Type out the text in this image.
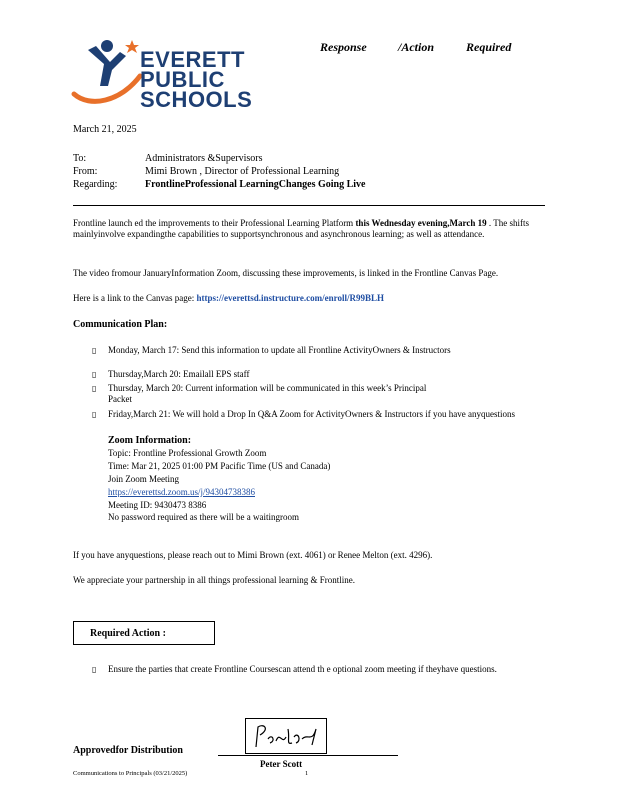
EVERETT
PUBLIC
SCHOOLS
Response	/Action	Required
March 21, 2025
To:	Administrators &Supervisors
From:	Mimi Brown , Director of Professional Learning
Regarding:	FrontlineProfessional LearningChanges Going Live
Frontline launch ed the improvements to their Professional Learning Platform this Wednesday evening,March 19 . The shifts mainlyinvolve expandingthe capabilities to supportsynchronous and asynchronous learning; as well as attendance.
The video fromour JanuaryInformation Zoom, discussing these improvements, is linked in the Frontline Canvas Page.
Here is a link to the Canvas page: https://everettsd.instructure.com/enroll/R99BLH
Communication Plan:
▯ Monday, March 17: Send this information to update all Frontline ActivityOwners & Instructors
▯ Thursday,March 20: Emailall EPS staff
▯ Thursday, March 20: Current information will be communicated in this week’s Principal Packet
▯ Friday,March 21: We will hold a Drop In Q&A Zoom for ActivityOwners & Instructors if you have anyquestions
Zoom Information:
Topic: Frontline Professional Growth Zoom
Time: Mar 21, 2025 01:00 PM Pacific Time (US and Canada)
Join Zoom Meeting
https://everettsd.zoom.us/j/94304738386
Meeting ID: 9430473 8386
No password required as there will be a waitingroom
If you have anyquestions, please reach out to Mimi Brown (ext. 4061) or Renee Melton (ext. 4296).
We appreciate your partnership in all things professional learning & Frontline.
Required Action :
▯ Ensure the parties that create Frontline Coursescan attend th e optional zoom meeting if theyhave questions.
Approvedfor Distribution
Peter Scott
Communications to Principals (03/21/2025)	1
